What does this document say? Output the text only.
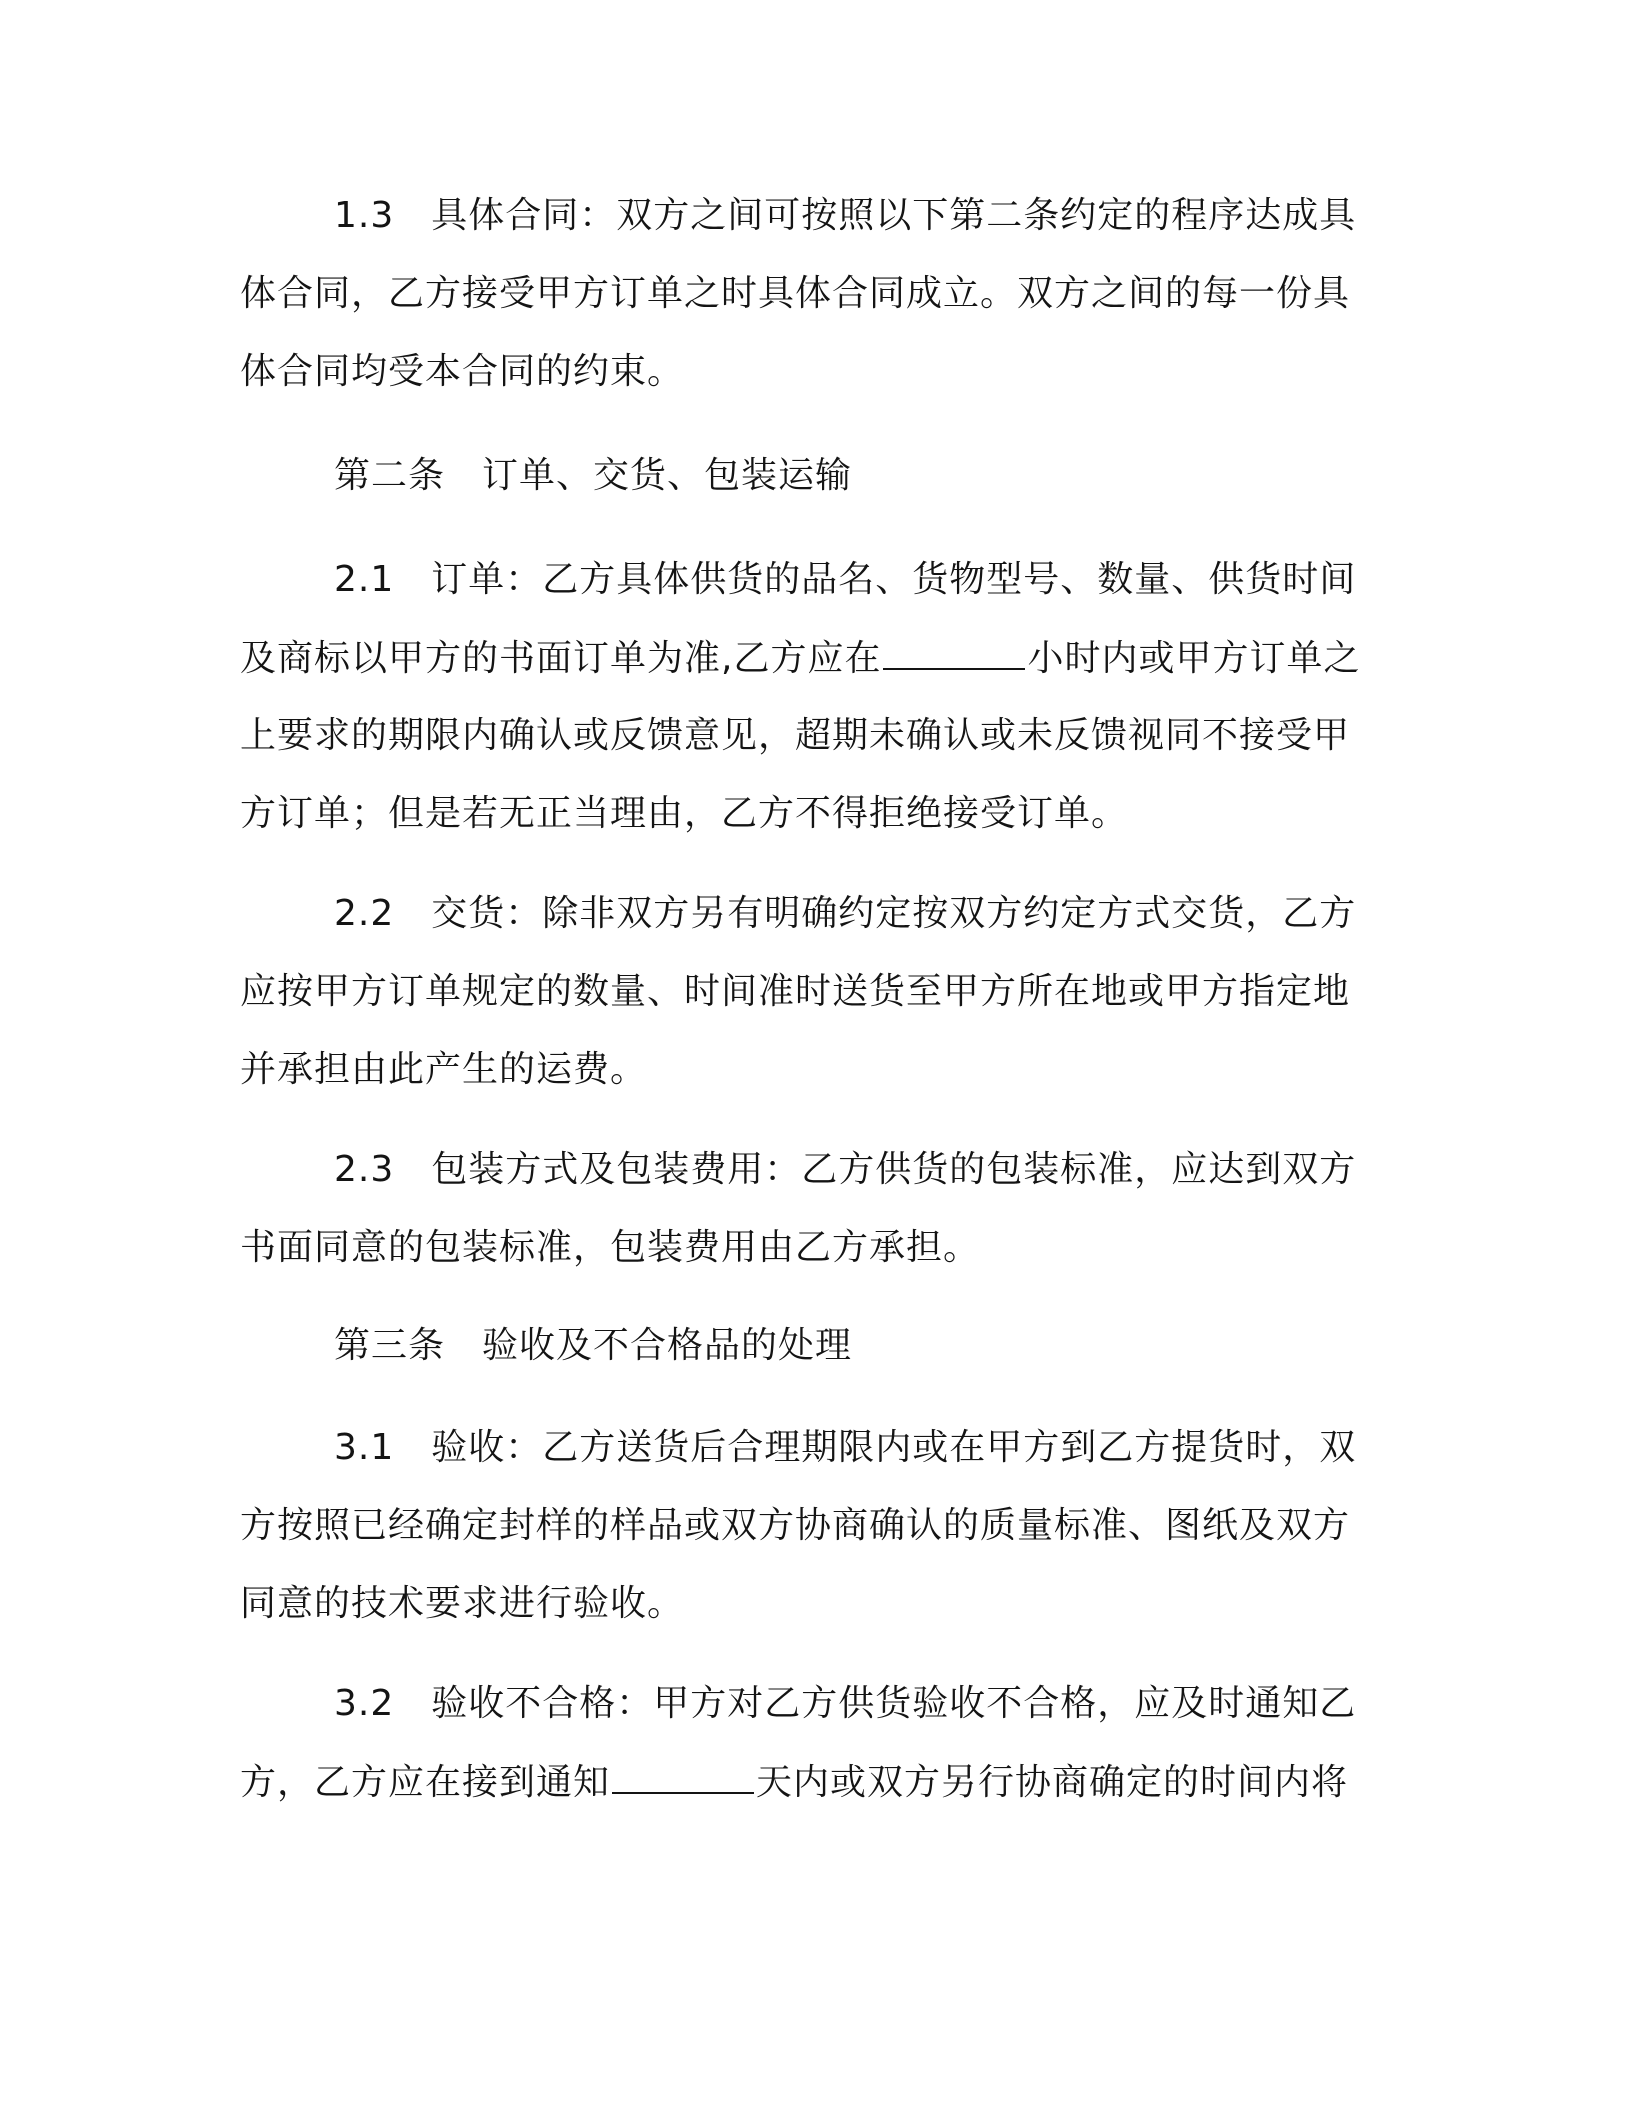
1.3　具体合同：双方之间可按照以下第二条约定的程序达成具
体合同，乙方接受甲方订单之时具体合同成立。双方之间的每一份具
体合同均受本合同的约束。
第二条　订单、交货、包装运输
2.1　订单：乙方具体供货的品名、货物型号、数量、供货时间
及商标以甲方的书面订单为准,乙方应在	小时内或甲方订单之
上要求的期限内确认或反馈意见，超期未确认或未反馈视同不接受甲
方订单；但是若无正当理由，乙方不得拒绝接受订单。
2.2　交货：除非双方另有明确约定按双方约定方式交货，乙方
应按甲方订单规定的数量、时间准时送货至甲方所在地或甲方指定地
并承担由此产生的运费。
2.3　包装方式及包装费用：乙方供货的包装标准，应达到双方
书面同意的包装标准，包装费用由乙方承担。
第三条　验收及不合格品的处理
3.1　验收：乙方送货后合理期限内或在甲方到乙方提货时，双
方按照已经确定封样的样品或双方协商确认的质量标准、图纸及双方
同意的技术要求进行验收。
3.2　验收不合格：甲方对乙方供货验收不合格，应及时通知乙
方，乙方应在接到通知	天内或双方另行协商确定的时间内将
